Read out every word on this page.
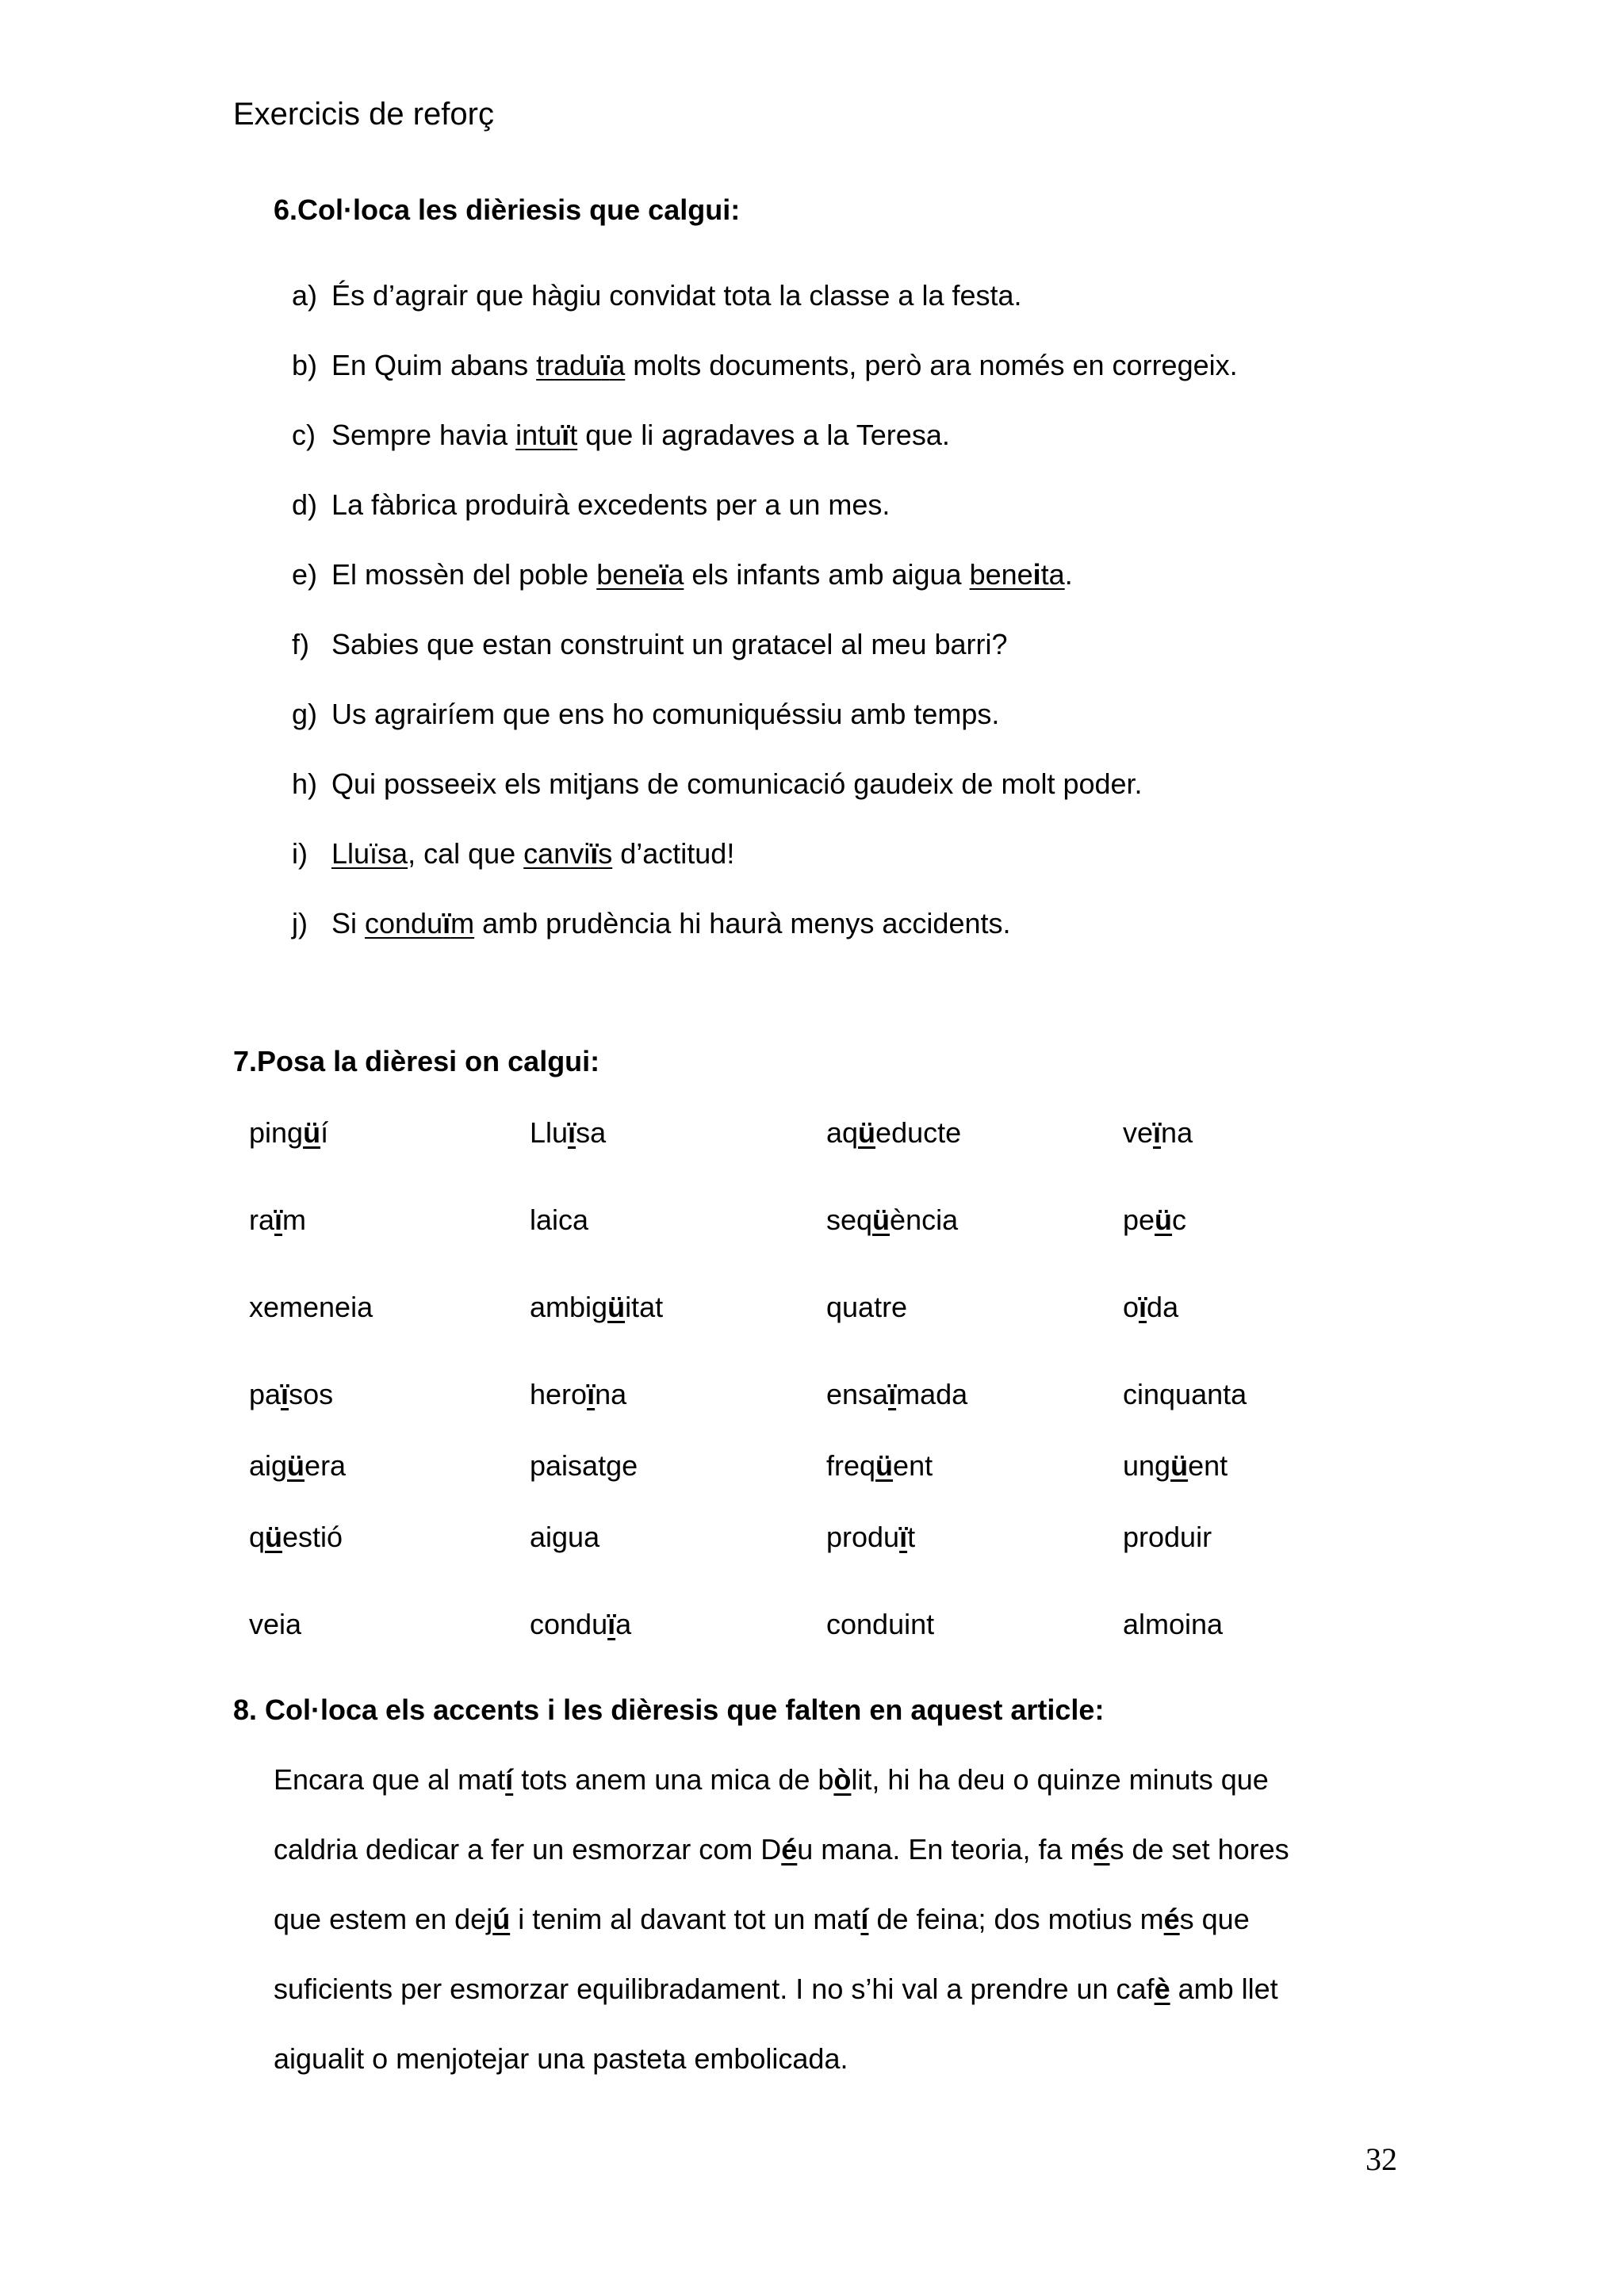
Exercicis de reforç
6.Col·loca les dièriesis que calgui:
a) És d’agrair que hàgiu convidat tota la classe a la festa.
b) En Quim abans traduïa molts documents, però ara només en corregeix.
c) Sempre havia intuït que li agradaves a la Teresa.
d) La fàbrica produirà excedents per a un mes.
e) El mossèn del poble beneïa els infants amb aigua beneita.
f) Sabies que estan construint un gratacel al meu barri?
g) Us agrairíem que ens ho comuniquéssiu amb temps.
h) Qui posseeix els mitjans de comunicació gaudeix de molt poder.
i) Lluïsa, cal que canviïs d’actitud!
j) Si conduïm amb prudència hi haurà menys accidents.
7.Posa la dièresi on calgui:
pingüí	Lluïsa	aqüeducte	veïna
raïm	laica	seqüència	peüc
xemeneia	ambigüitat	quatre	oïda
països	heroïna	ensaïmada	cinquanta
aigüera	paisatge	freqüent	ungüent
qüestió	aigua	produït	produir
veia	conduïa	conduint	almoina
8. Col·loca els accents i les dièresis que falten en aquest article:
Encara que al matí tots anem una mica de bòlit, hi ha deu o quinze minuts que
caldria dedicar a fer un esmorzar com Déu mana. En teoria, fa més de set hores
que estem en dejú i tenim al davant tot un matí de feina; dos motius més que
suficients per esmorzar equilibradament. I no s’hi val a prendre un cafè amb llet
aigualit o menjotejar una pasteta embolicada.
32
